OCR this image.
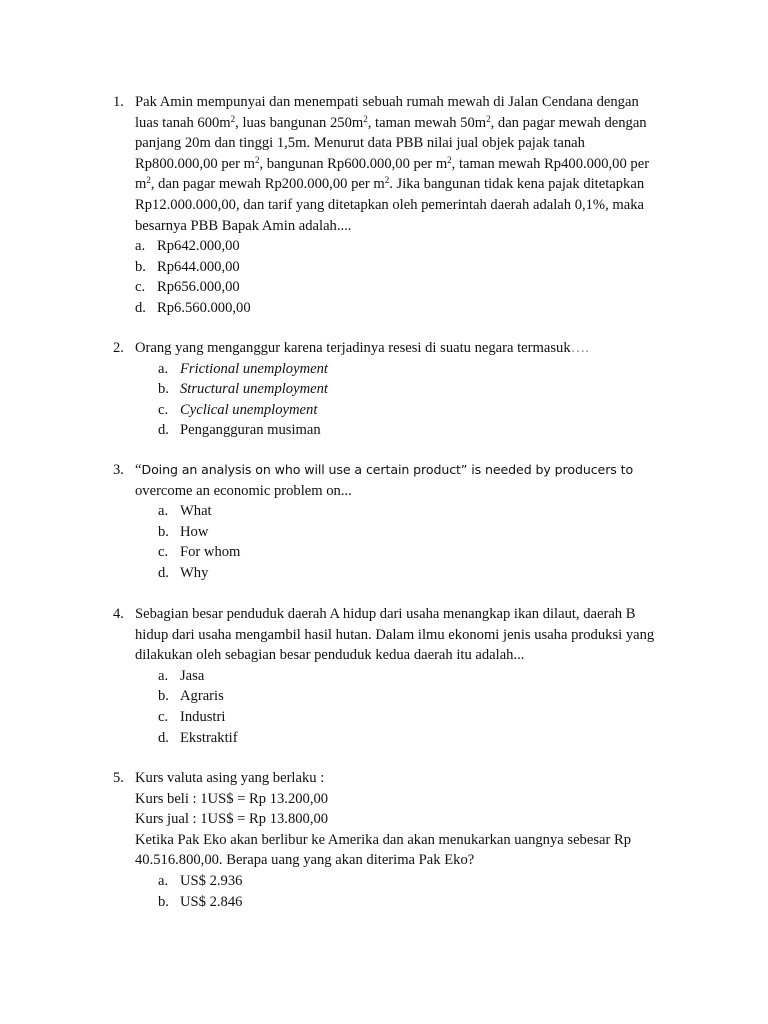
1. Pak Amin mempunyai dan menempati sebuah rumah mewah di Jalan Cendana dengan
luas tanah $600m^2$, luas bangunan $250m^2$, taman mewah $50m^2$, dan pagar mewah dengan
panjang 20m dan tinggi 1,5m. Menurut data PBB nilai jual objek pajak tanah
Rp800.000,00 per $m^2$, bangunan Rp600.000,00 per $m^2$, taman mewah Rp400.000,00 per
$m^2$, dan pagar mewah Rp200.000,00 per $m^2$. Jika bangunan tidak kena pajak ditetapkan
Rp12.000.000,00, dan tarif yang ditetapkan oleh pemerintah daerah adalah 0,1%, maka
besarnya PBB Bapak Amin adalah....
a. Rp642.000,00
b. Rp644.000,00
c. Rp656.000,00
d. Rp6.560.000,00
2. Orang yang menganggur karena terjadinya resesi di suatu negara termasuk….
a. Frictional unemployment
b. Structural unemployment
c. Cyclical unemployment
d. Pengangguran musiman
3. “Doing an analysis on who will use a certain product” is needed by producers to
overcome an economic problem on...
a. What
b. How
c. For whom
d. Why
4. Sebagian besar penduduk daerah A hidup dari usaha menangkap ikan dilaut, daerah B
hidup dari usaha mengambil hasil hutan. Dalam ilmu ekonomi jenis usaha produksi yang
dilakukan oleh sebagian besar penduduk kedua daerah itu adalah...
a. Jasa
b. Agraris
c. Industri
d. Ekstraktif
5. Kurs valuta asing yang berlaku :
Kurs beli : 1US$ = Rp 13.200,00
Kurs jual : 1US$ = Rp 13.800,00
Ketika Pak Eko akan berlibur ke Amerika dan akan menukarkan uangnya sebesar Rp
40.516.800,00. Berapa uang yang akan diterima Pak Eko?
a. US$ 2.936
b. US$ 2.846
